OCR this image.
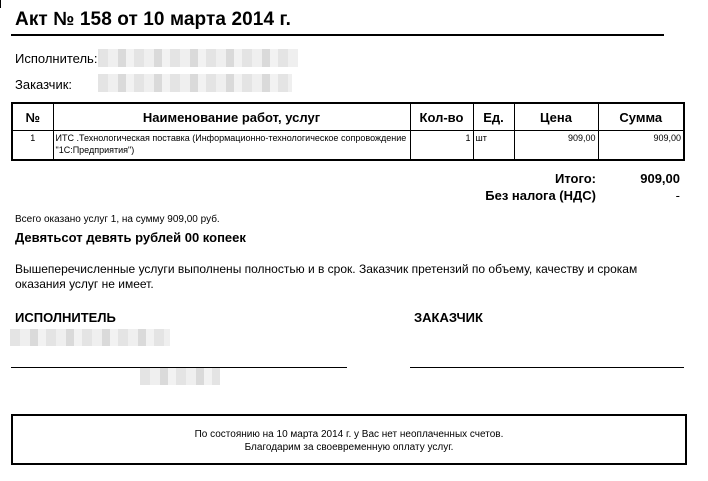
Акт № 158 от 10 марта 2014 г.
Исполнитель:
Заказчик:
№	Наименование работ, услуг	Кол-во	Ед.	Цена	Сумма
1	ИТС .Технологическая поставка (Информационно-технологическое сопровождение "1С:Предприятия")	1	шт	909,00	909,00
Итого:	909,00
Без налога (НДС)	-
Всего оказано услуг 1, на сумму 909,00 руб.
Девятьсот девять рублей 00 копеек
Вышеперечисленные услуги выполнены полностью и в срок. Заказчик претензий по объему, качеству и срокам оказания услуг не имеет.
ИСПОЛНИТЕЛЬ	ЗАКАЗЧИК
По состоянию на 10 марта 2014 г. у Вас нет неоплаченных счетов.
Благодарим за своевременную оплату услуг.
